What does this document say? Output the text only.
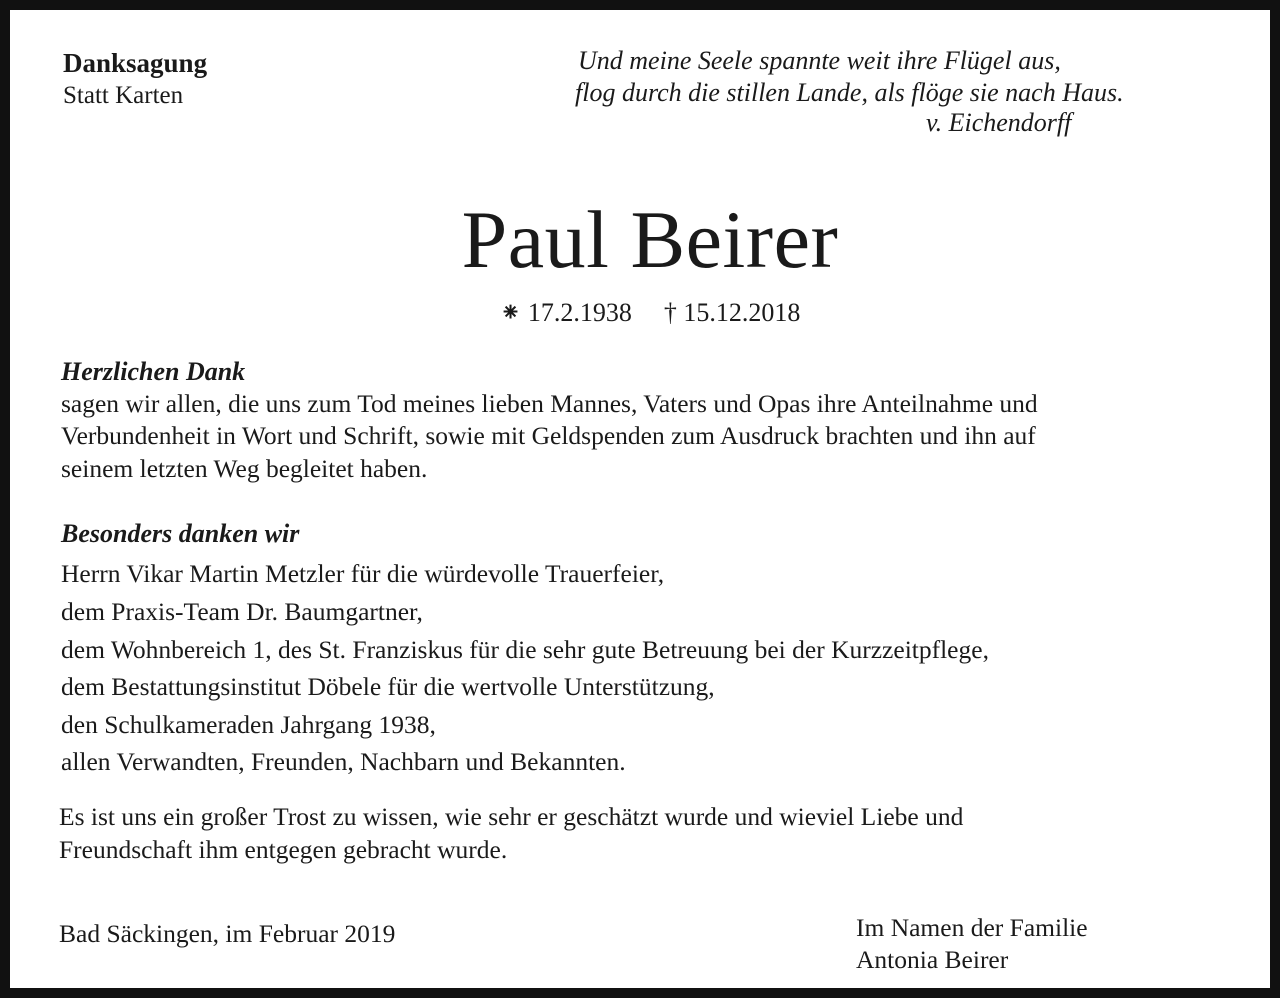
Danksagung
Statt Karten
Und meine Seele spannte weit ihre Flügel aus,
flog durch die stillen Lande, als flöge sie nach Haus.
v. Eichendorff
Paul Beirer
⁕ 17.2.1938 † 15.12.2018
Herzlichen Dank
sagen wir allen, die uns zum Tod meines lieben Mannes, Vaters und Opas ihre Anteilnahme und
Verbundenheit in Wort und Schrift, sowie mit Geldspenden zum Ausdruck brachten und ihn auf
seinem letzten Weg begleitet haben.
Besonders danken wir
Herrn Vikar Martin Metzler für die würdevolle Trauerfeier,
dem Praxis-Team Dr. Baumgartner,
dem Wohnbereich 1, des St. Franziskus für die sehr gute Betreuung bei der Kurzzeitpflege,
dem Bestattungsinstitut Döbele für die wertvolle Unterstützung,
den Schulkameraden Jahrgang 1938,
allen Verwandten, Freunden, Nachbarn und Bekannten.
Es ist uns ein großer Trost zu wissen, wie sehr er geschätzt wurde und wieviel Liebe und
Freundschaft ihm entgegen gebracht wurde.
Bad Säckingen, im Februar 2019	Im Namen der Familie
Antonia Beirer
